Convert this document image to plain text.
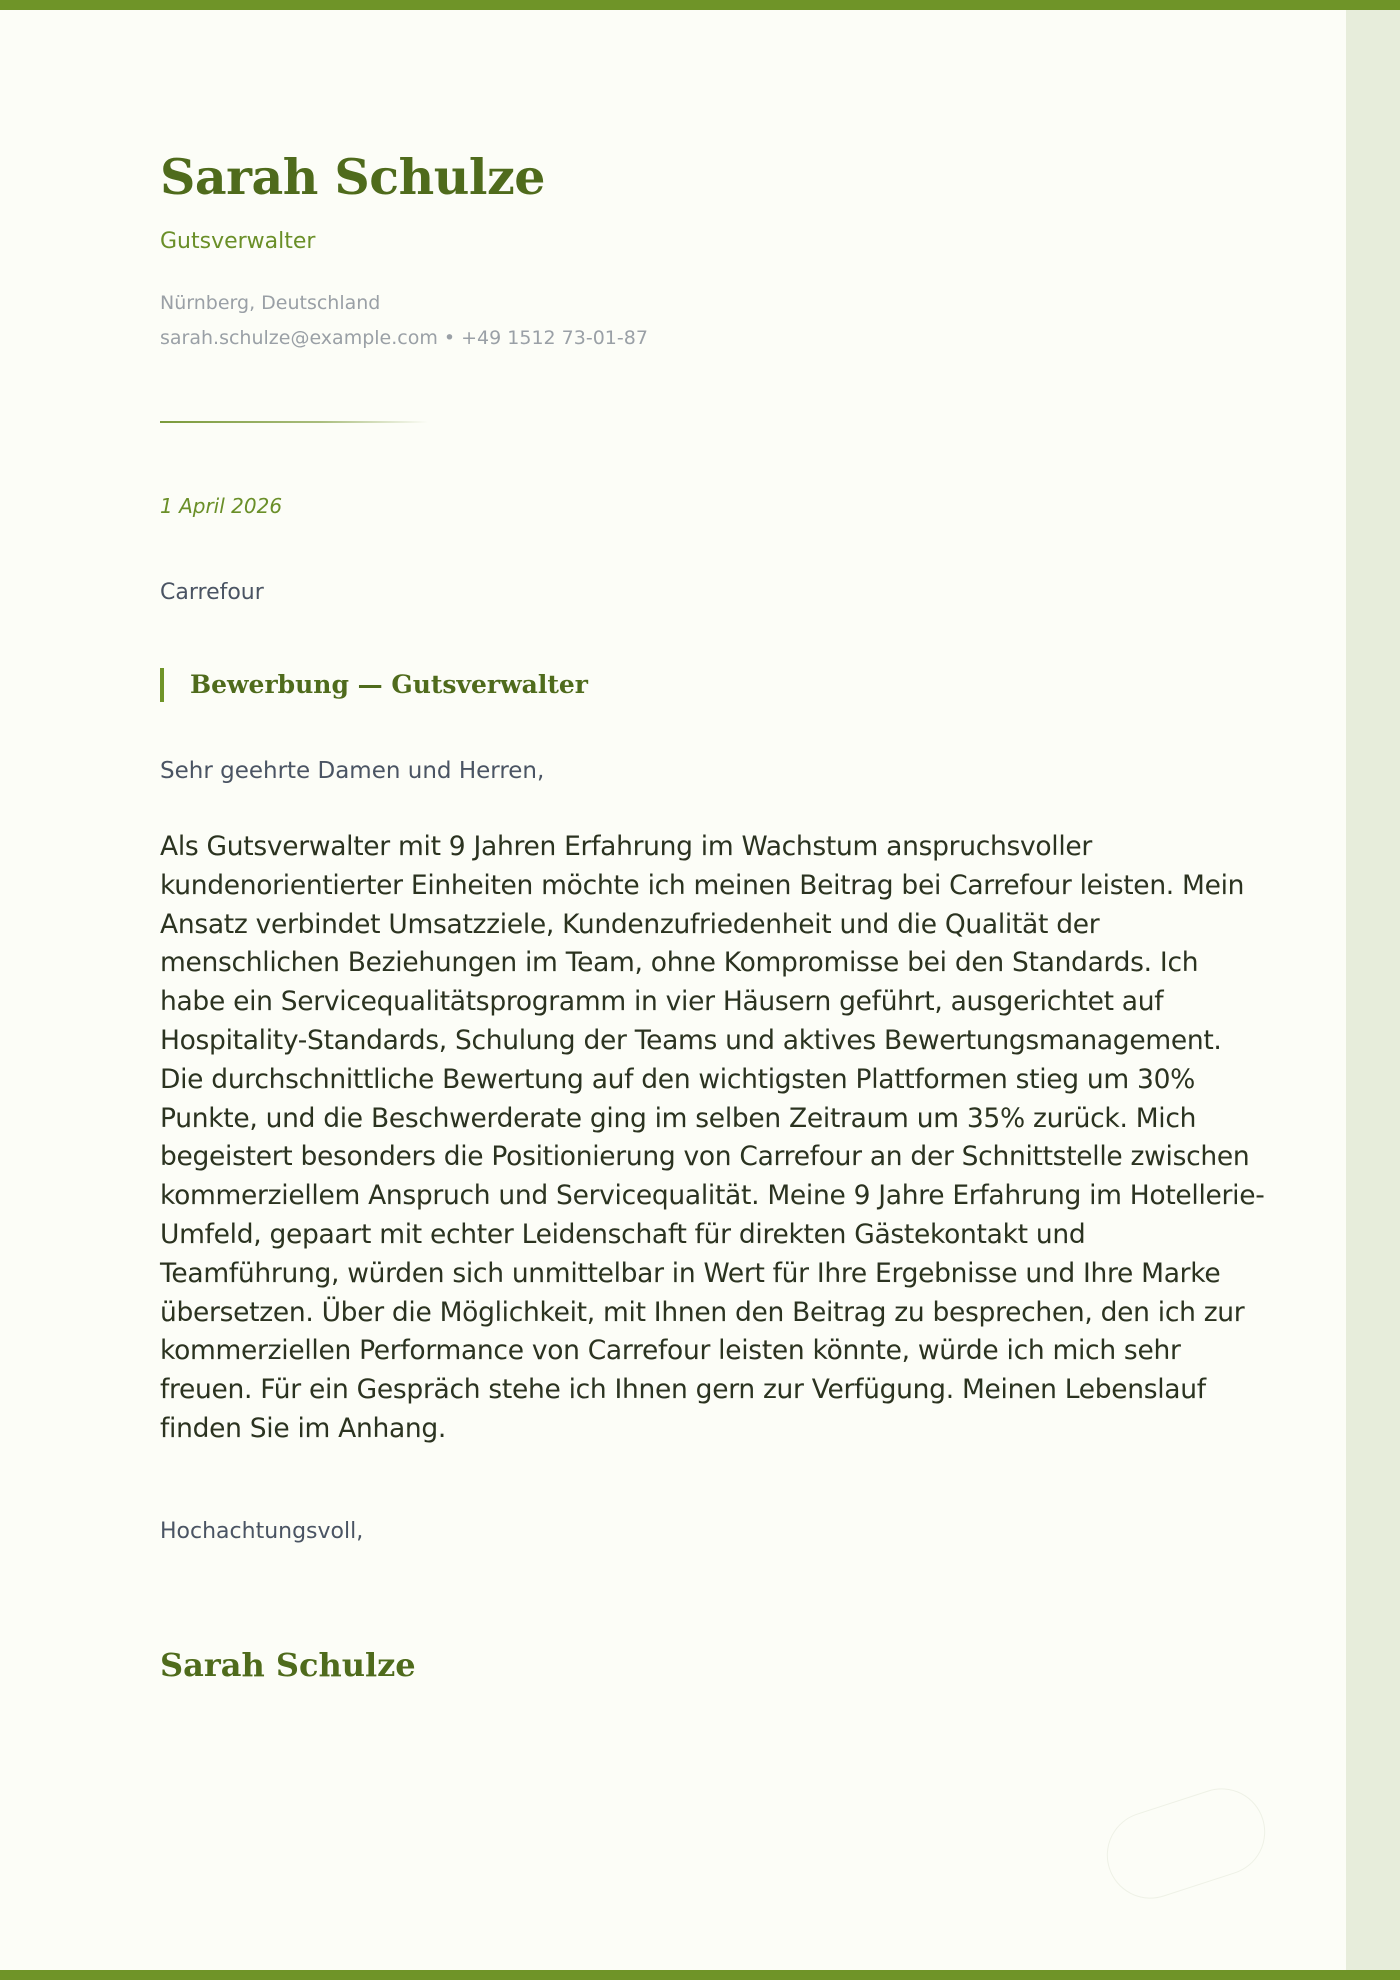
Sarah Schulze
Gutsverwalter
Nürnberg, Deutschland
sarah.schulze@example.com • +49 1512 73-01-87
1 April 2026
Carrefour
Bewerbung — Gutsverwalter
Sehr geehrte Damen und Herren,

Als Gutsverwalter mit 9 Jahren Erfahrung im Wachstum anspruchsvoller kundenorientierter Einheiten möchte ich meinen Beitrag bei Carrefour leisten. Mein Ansatz verbindet Umsatzziele, Kundenzufriedenheit und die Qualität der menschlichen Beziehungen im Team, ohne Kompromisse bei den Standards. Ich habe ein Servicequalitätsprogramm in vier Häusern geführt, ausgerichtet auf Hospitality-Standards, Schulung der Teams und aktives Bewertungsmanagement. Die durchschnittliche Bewertung auf den wichtigsten Plattformen stieg um 30% Punkte, und die Beschwerderate ging im selben Zeitraum um 35% zurück. Mich begeistert besonders die Positionierung von Carrefour an der Schnittstelle zwischen kommerziellem Anspruch und Servicequalität. Meine 9 Jahre Erfahrung im Hotellerie-Umfeld, gepaart mit echter Leidenschaft für direkten Gästekontakt und Teamführung, würden sich unmittelbar in Wert für Ihre Ergebnisse und Ihre Marke übersetzen. Über die Möglichkeit, mit Ihnen den Beitrag zu besprechen, den ich zur kommerziellen Performance von Carrefour leisten könnte, würde ich mich sehr freuen. Für ein Gespräch stehe ich Ihnen gern zur Verfügung. Meinen Lebenslauf finden Sie im Anhang.

Hochachtungsvoll,
Sarah Schulze
